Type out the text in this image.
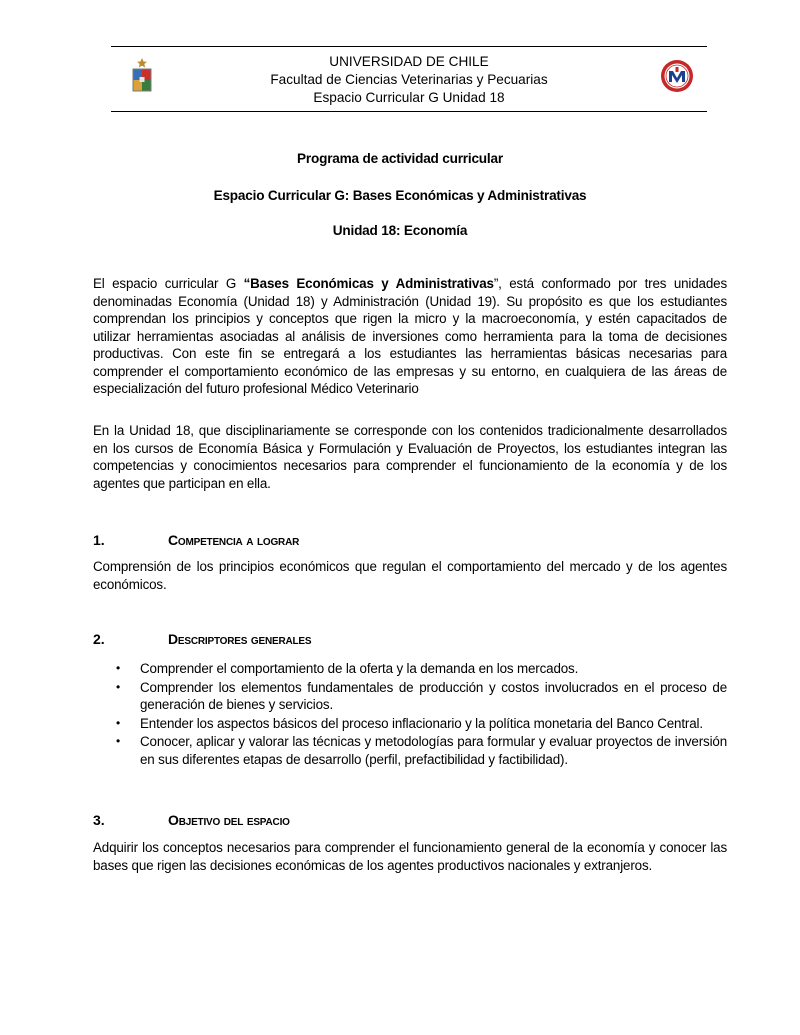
UNIVERSIDAD DE CHILE
Facultad de Ciencias Veterinarias y Pecuarias
Espacio Curricular G Unidad 18
Programa de actividad curricular
Espacio Curricular G: Bases Económicas y Administrativas
Unidad 18: Economía
El espacio curricular G “Bases Económicas y Administrativas”, está conformado por tres unidades denominadas Economía (Unidad 18) y Administración (Unidad 19). Su propósito es que los estudiantes comprendan los principios y conceptos que rigen la micro y la macroeconomía, y estén capacitados de utilizar herramientas asociadas al análisis de inversiones como herramienta para la toma de decisiones productivas. Con este fin se entregará a los estudiantes las herramientas básicas necesarias para comprender el comportamiento económico de las empresas y su entorno, en cualquiera de las áreas de especialización del futuro profesional Médico Veterinario
En la Unidad 18, que disciplinariamente se corresponde con los contenidos tradicionalmente desarrollados en los cursos de Economía Básica y Formulación y Evaluación de Proyectos, los estudiantes integran las competencias y conocimientos necesarios para comprender el funcionamiento de la economía y de los agentes que participan en ella.
1.	Competencia a lograr
Comprensión de los principios económicos que regulan el comportamiento del mercado y de los agentes económicos.
2.	Descriptores generales
• Comprender el comportamiento de la oferta y la demanda en los mercados.
• Comprender los elementos fundamentales de producción y costos involucrados en el proceso de generación de bienes y servicios.
• Entender los aspectos básicos del proceso inflacionario y la política monetaria del Banco Central.
• Conocer, aplicar y valorar las técnicas y metodologías para formular y evaluar proyectos de inversión en sus diferentes etapas de desarrollo (perfil, prefactibilidad y factibilidad).
3.	Objetivo del espacio
Adquirir los conceptos necesarios para comprender el funcionamiento general de la economía y conocer las bases que rigen las decisiones económicas de los agentes productivos nacionales y extranjeros.
